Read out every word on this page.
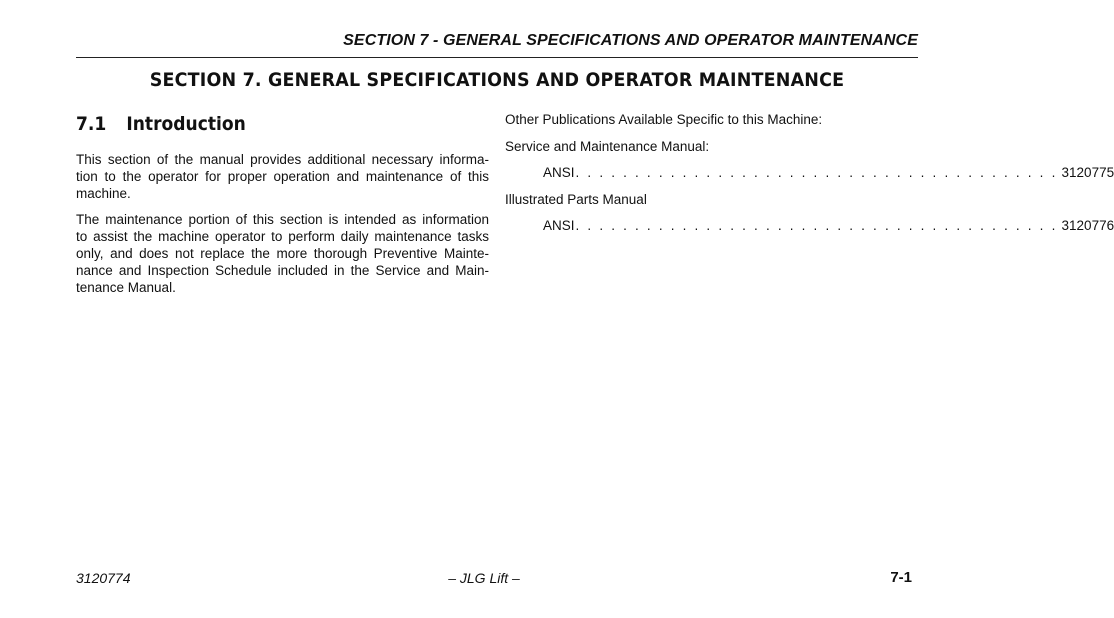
SECTION 7 - GENERAL SPECIFICATIONS AND OPERATOR MAINTENANCE
SECTION 7. GENERAL SPECIFICATIONS AND OPERATOR MAINTENANCE
7.1 Introduction
This section of the manual provides additional necessary informa-
tion to the operator for proper operation and maintenance of this
machine.
The maintenance portion of this section is intended as information
to assist the machine operator to perform daily maintenance tasks
only, and does not replace the more thorough Preventive Mainte-
nance and Inspection Schedule included in the Service and Main-
tenance Manual.

Other Publications Available Specific to this Machine:

Service and Maintenance Manual:

ANSI . . . . . . . . . . . . . . . . . . . . . . . . . . . . . . . . . . . . . . . . . 3120775

Illustrated Parts Manual

ANSI . . . . . . . . . . . . . . . . . . . . . . . . . . . . . . . . . . . . . . . . . 3120776
3120774	– JLG Lift –	7-1
